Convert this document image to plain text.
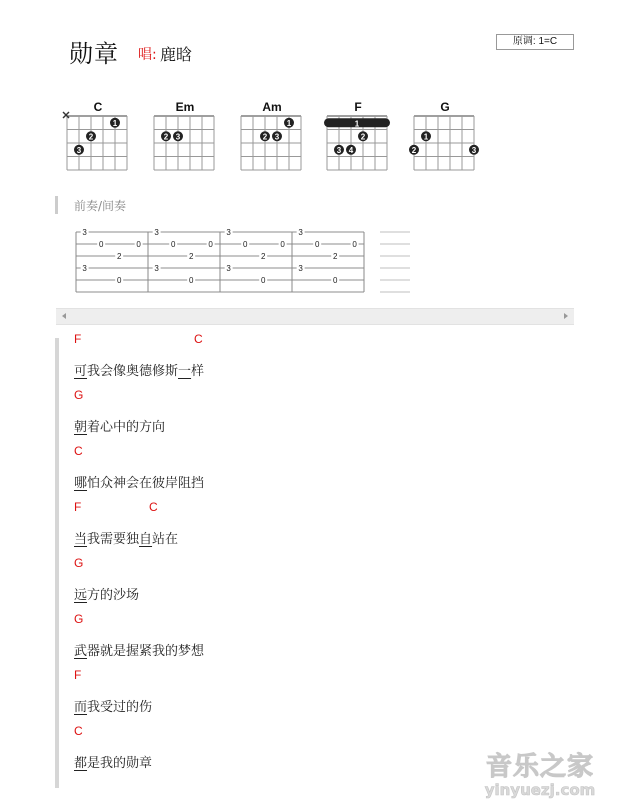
勋章 唱: 鹿晗
原调: 1=C
C
1
2
3
Em
2 3
Am
1
2 3
F
1
2
3 4
G
1
2	3
前奏/间奏
3
3
0
0
2
0
3
3
0
0
2
0
3
3
0
0
2
0
3
3
0
0
2
0
F	C
可我会像奥德修斯一样
G
朝着心中的方向
C
哪怕众神会在彼岸阻挡
F	C
当我需要独自站在
G
远方的沙场
G
武器就是握紧我的梦想
F
而我受过的伤
C
都是我的勋章	音乐之家
yinyuezj.com
